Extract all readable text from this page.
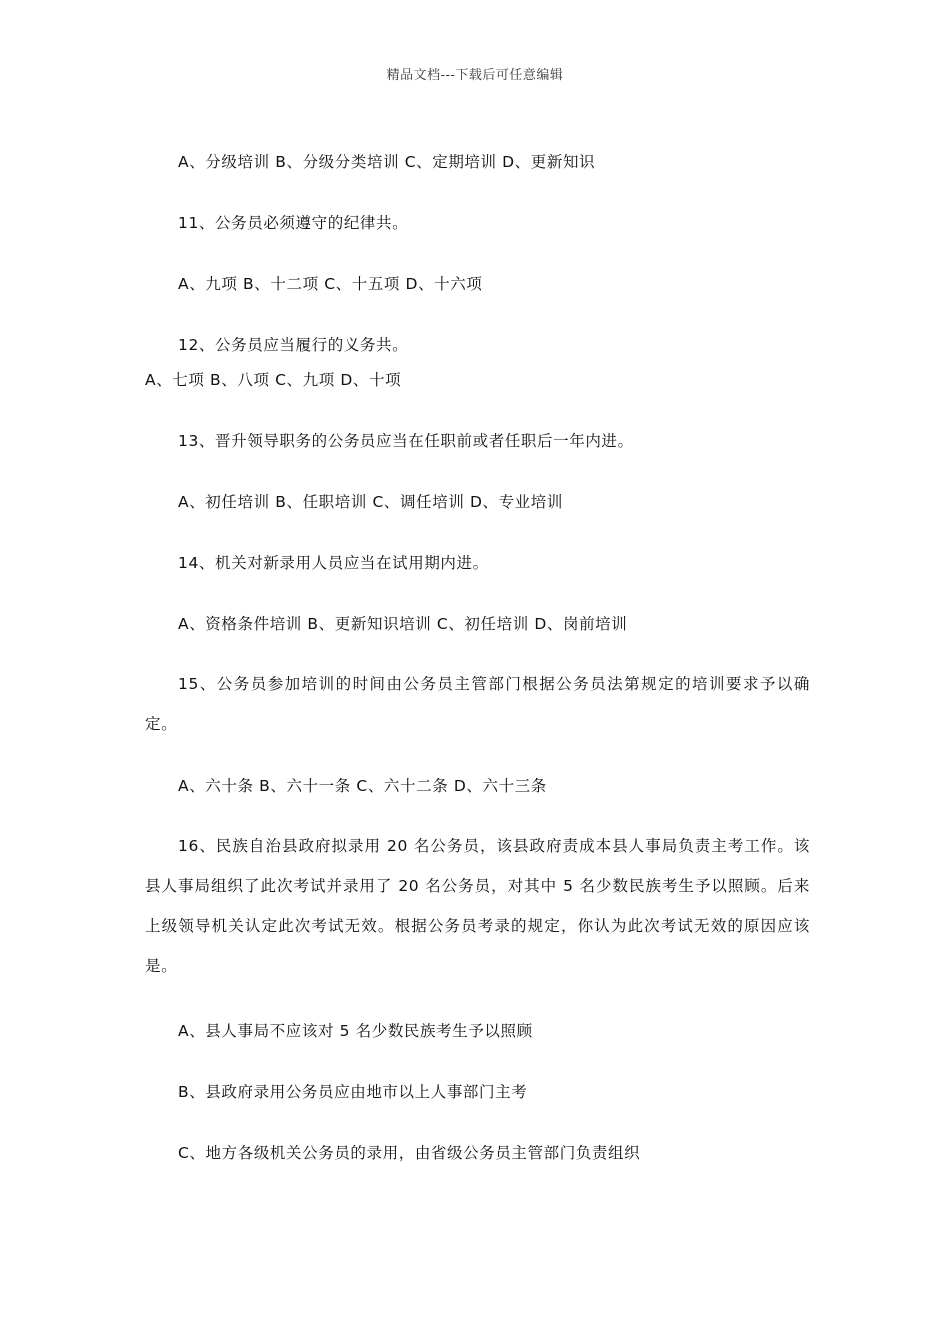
精品文档---下载后可任意编辑
A、分级培训 B、分级分类培训 C、定期培训 D、更新知识
11、公务员必须遵守的纪律共。
A、九项 B、十二项 C、十五项 D、十六项
12、公务员应当履行的义务共。
A、七项 B、八项 C、九项 D、十项
13、晋升领导职务的公务员应当在任职前或者任职后一年内进。
A、初任培训 B、任职培训 C、调任培训 D、专业培训
14、机关对新录用人员应当在试用期内进。
A、资格条件培训 B、更新知识培训 C、初任培训 D、岗前培训
15、公务员参加培训的时间由公务员主管部门根据公务员法第规定的培训要求予以确定。
A、六十条 B、六十一条 C、六十二条 D、六十三条
16、民族自治县政府拟录用 20 名公务员，该县政府责成本县人事局负责主考工作。该县人事局组织了此次考试并录用了 20 名公务员，对其中 5 名少数民族考生予以照顾。后来上级领导机关认定此次考试无效。根据公务员考录的规定，你认为此次考试无效的原因应该是。
A、县人事局不应该对 5 名少数民族考生予以照顾
B、县政府录用公务员应由地市以上人事部门主考
C、地方各级机关公务员的录用，由省级公务员主管部门负责组织
